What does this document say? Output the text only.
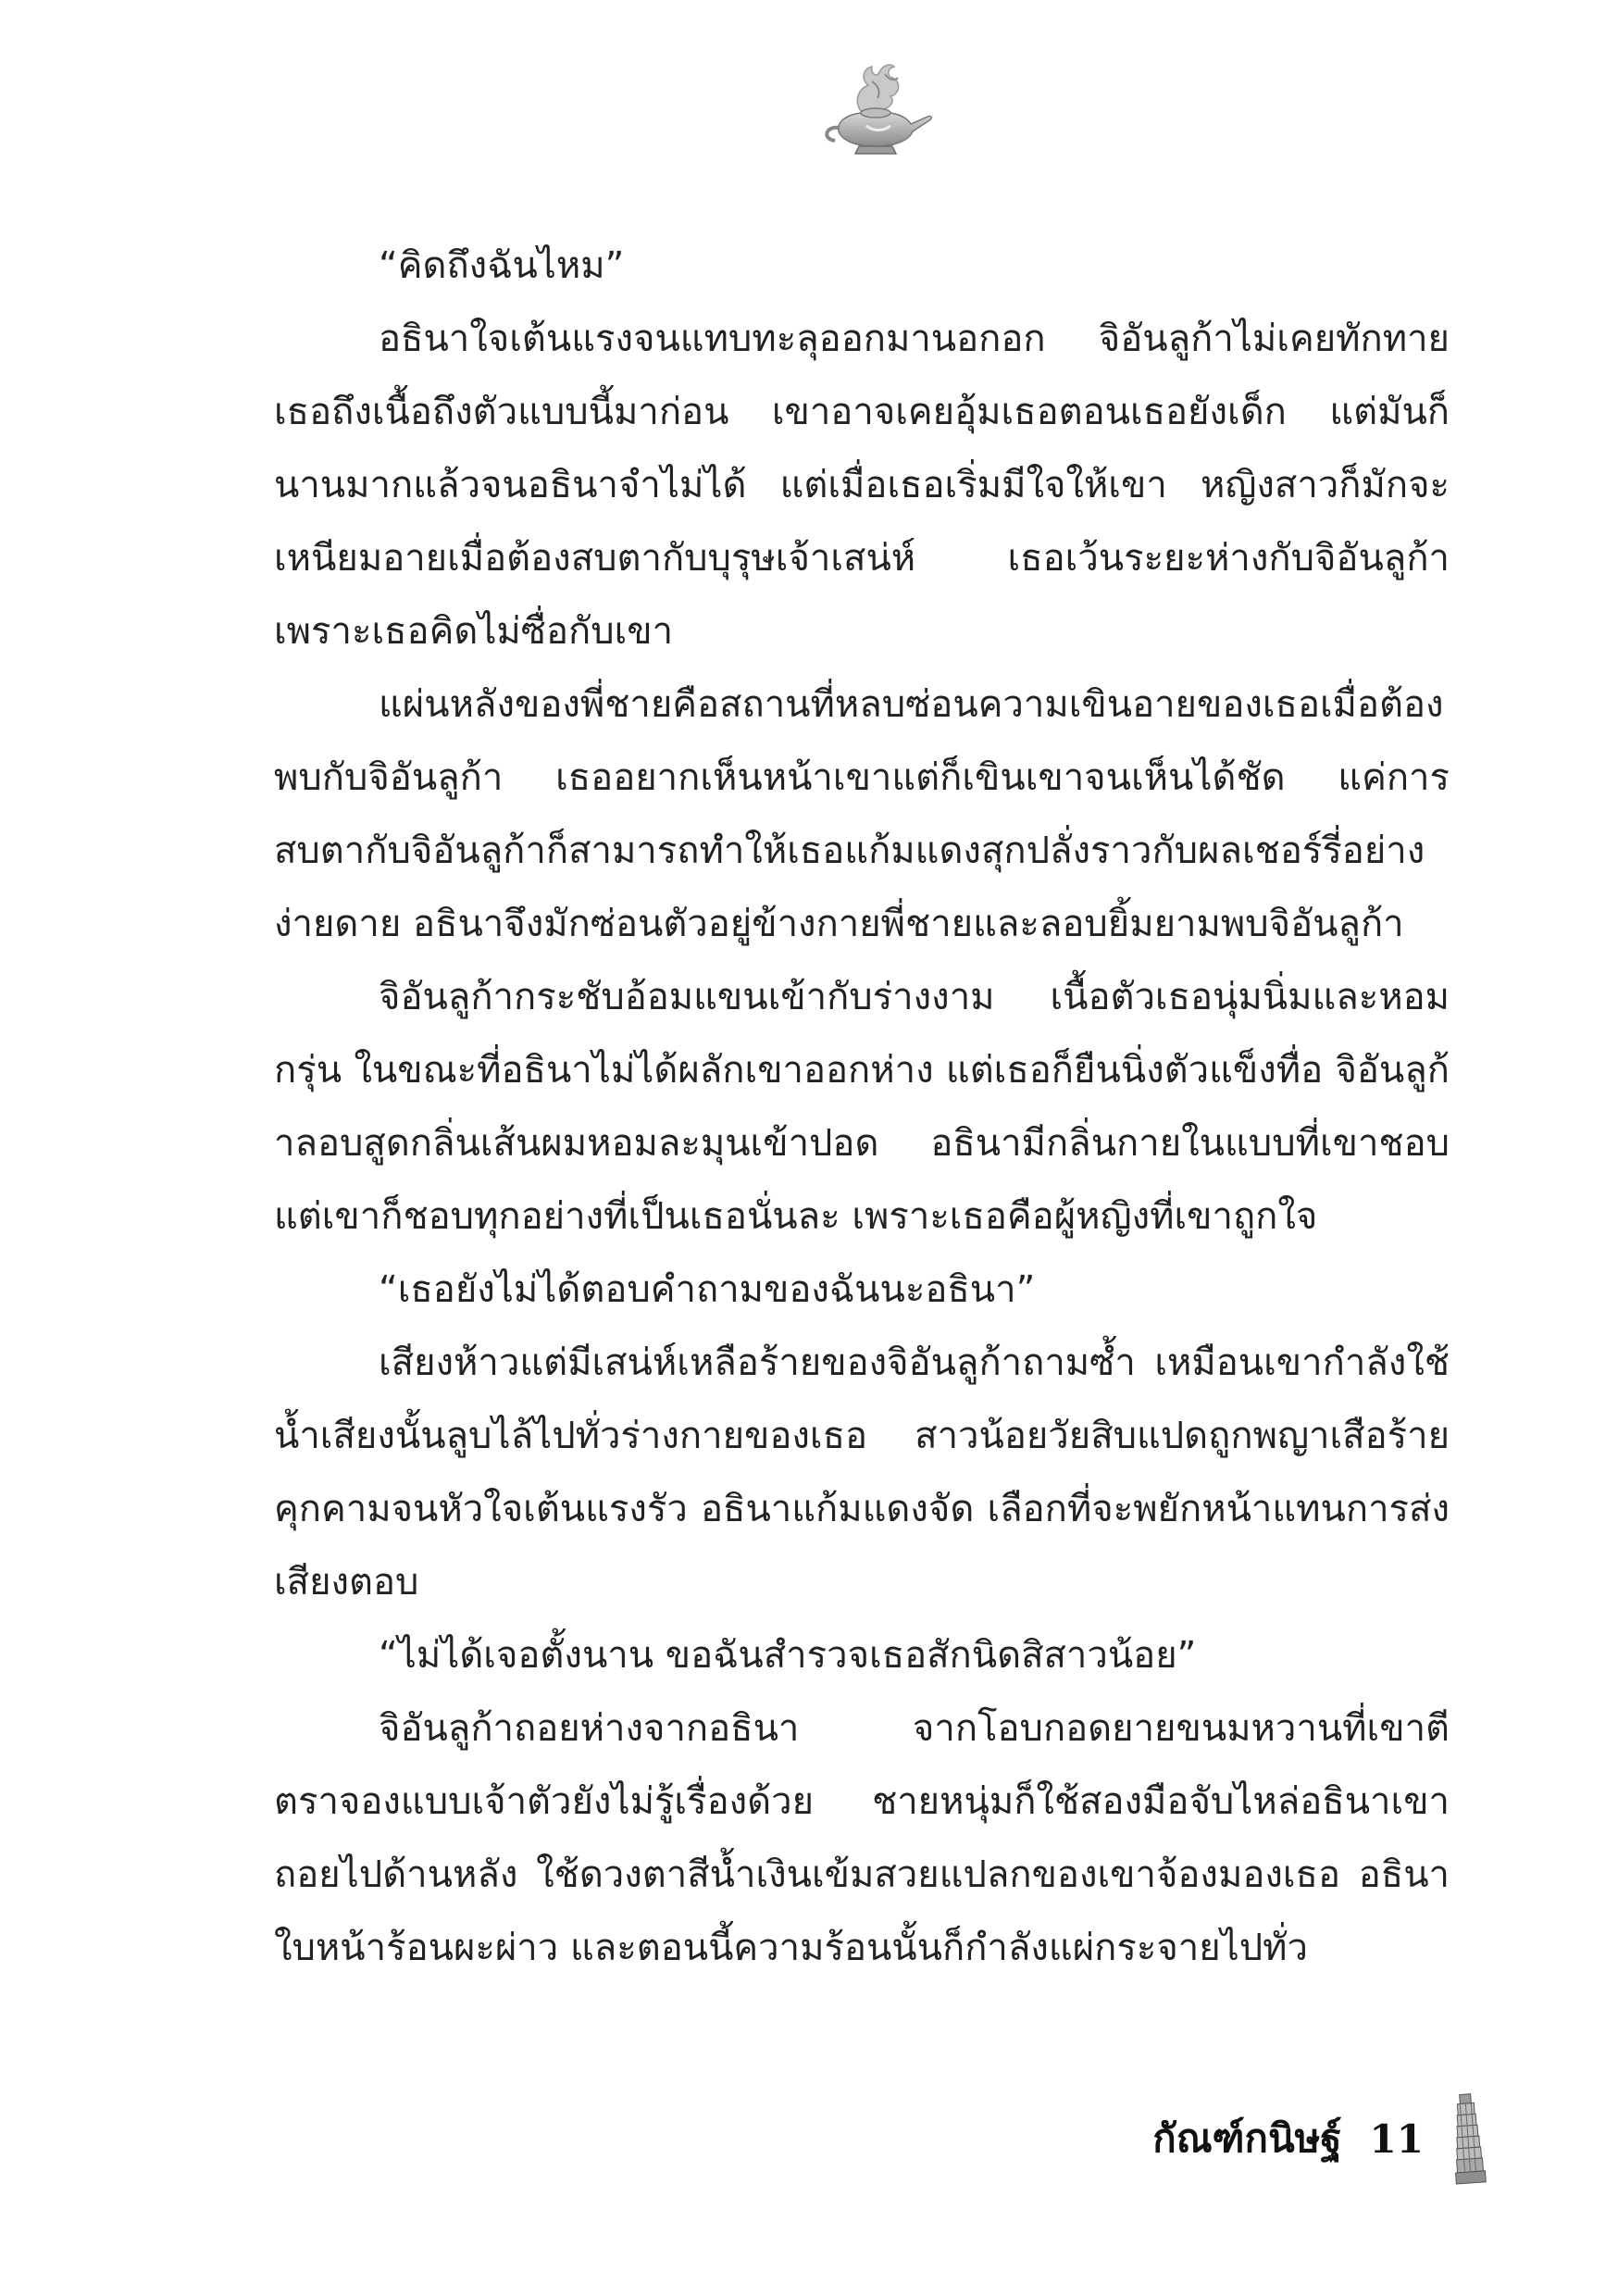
“คิดถึงฉันไหม”

อธินาใจเต้นแรงจนแทบทะลุออกมานอกอก จิอันลูก้าไม่เคยทักทายเธอถึงเนื้อถึงตัวแบบนี้มาก่อน เขาอาจเคยอุ้มเธอตอนเธอยังเด็ก แต่มันก็นานมากแล้วจนอธินาจำไม่ได้ แต่เมื่อเธอเริ่มมีใจให้เขา หญิงสาวก็มักจะเหนียมอายเมื่อต้องสบตากับบุรุษเจ้าเสน่ห์ เธอเว้นระยะห่างกับจิอันลูก้าเพราะเธอคิดไม่ซื่อกับเขา

แผ่นหลังของพี่ชายคือสถานที่หลบซ่อนความเขินอายของเธอเมื่อต้องพบกับจิอันลูก้า เธออยากเห็นหน้าเขาแต่ก็เขินเขาจนเห็นได้ชัด แค่การสบตากับจิอันลูก้าก็สามารถทำให้เธอแก้มแดงสุกปลั่งราวกับผลเชอร์รี่อย่างง่ายดาย อธินาจึงมักซ่อนตัวอยู่ข้างกายพี่ชายและลอบยิ้มยามพบจิอันลูก้า

จิอันลูก้ากระชับอ้อมแขนเข้ากับร่างงาม เนื้อตัวเธอนุ่มนิ่มและหอมกรุ่น ในขณะที่อธินาไม่ได้ผลักเขาออกห่าง แต่เธอก็ยืนนิ่งตัวแข็งทื่อ จิอันลูก้าลอบสูดกลิ่นเส้นผมหอมละมุนเข้าปอด อธินามีกลิ่นกายในแบบที่เขาชอบ แต่เขาก็ชอบทุกอย่างที่เป็นเธอนั่นละ เพราะเธอคือผู้หญิงที่เขาถูกใจ

“เธอยังไม่ได้ตอบคำถามของฉันนะอธินา”

เสียงห้าวแต่มีเสน่ห์เหลือร้ายของจิอันลูก้าถามซ้ำ เหมือนเขากำลังใช้น้ำเสียงนั้นลูบไล้ไปทั่วร่างกายของเธอ สาวน้อยวัยสิบแปดถูกพญาเสือร้ายคุกคามจนหัวใจเต้นแรงรัว อธินาแก้มแดงจัด เลือกที่จะพยักหน้าแทนการส่งเสียงตอบ

“ไม่ได้เจอตั้งนาน ขอฉันสำรวจเธอสักนิดสิสาวน้อย”

จิอันลูก้าถอยห่างจากอธินา จากโอบกอดยายขนมหวานที่เขาตีตราจองแบบเจ้าตัวยังไม่รู้เรื่องด้วย ชายหนุ่มก็ใช้สองมือจับไหล่อธินาเขาถอยไปด้านหลัง ใช้ดวงตาสีน้ำเงินเข้มสวยแปลกของเขาจ้องมองเธอ อธินาใบหน้าร้อนผะผ่าว และตอนนี้ความร้อนนั้นก็กำลังแผ่กระจายไปทั่ว

กัณฑ์กนิษฐ์ 11
